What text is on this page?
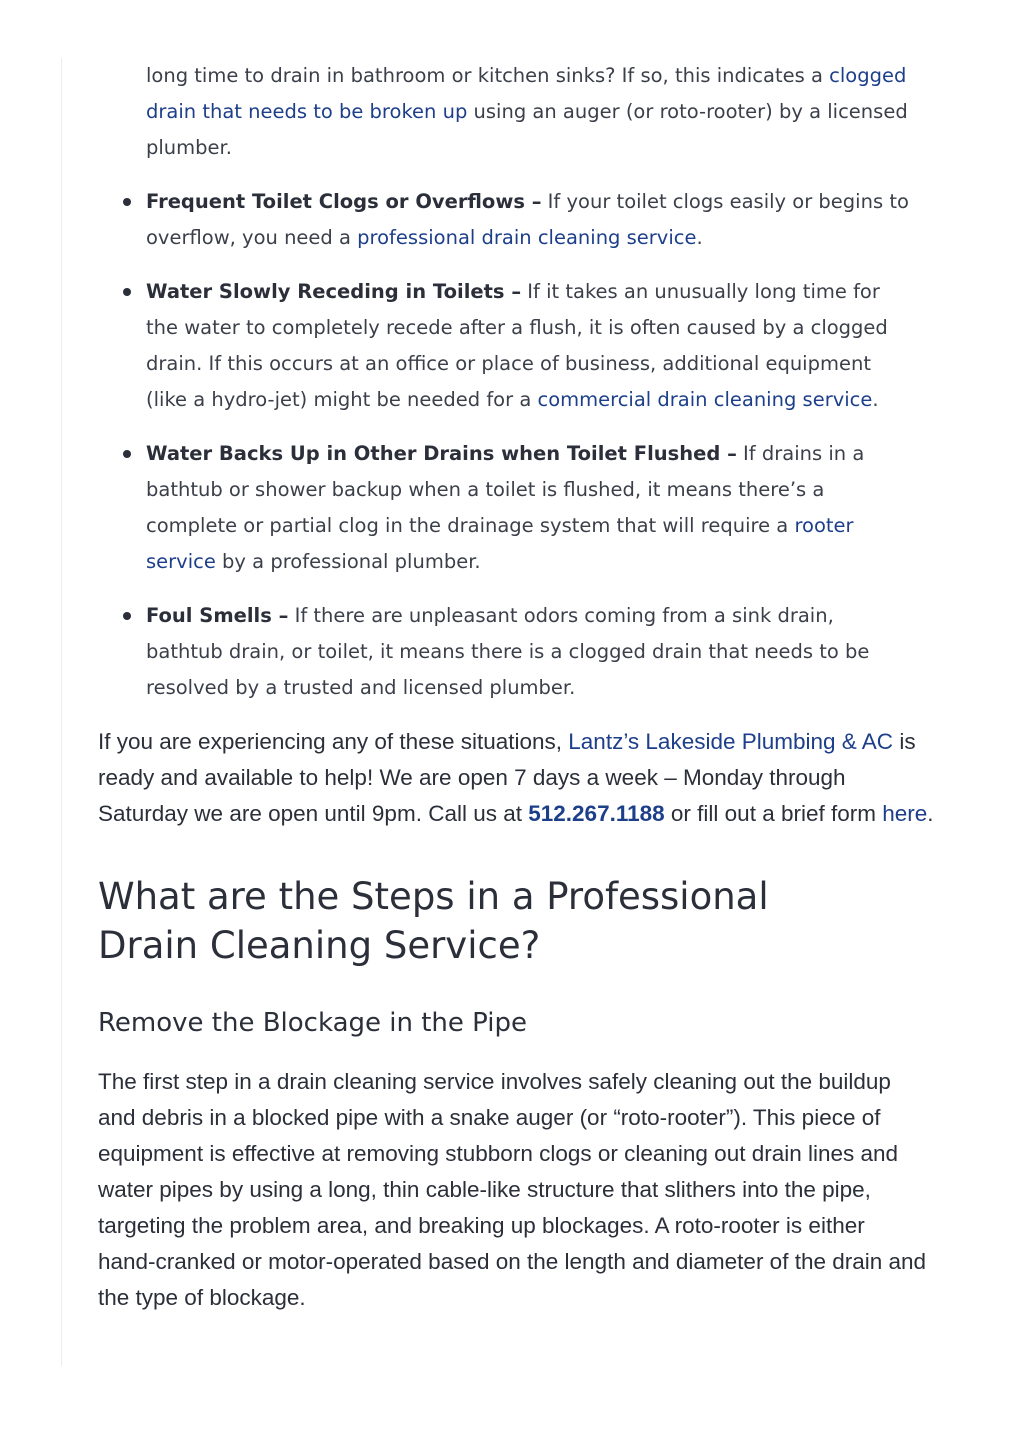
long time to drain in bathroom or kitchen sinks? If so, this indicates a clogged drain that needs to be broken up using an auger (or roto-rooter) by a licensed plumber.
Frequent Toilet Clogs or Overflows – If your toilet clogs easily or begins to overflow, you need a professional drain cleaning service.
Water Slowly Receding in Toilets – If it takes an unusually long time for the water to completely recede after a flush, it is often caused by a clogged drain. If this occurs at an office or place of business, additional equipment (like a hydro-jet) might be needed for a commercial drain cleaning service.
Water Backs Up in Other Drains when Toilet Flushed – If drains in a bathtub or shower backup when a toilet is flushed, it means there’s a complete or partial clog in the drainage system that will require a rooter service by a professional plumber.
Foul Smells – If there are unpleasant odors coming from a sink drain, bathtub drain, or toilet, it means there is a clogged drain that needs to be resolved by a trusted and licensed plumber.

If you are experiencing any of these situations, Lantz’s Lakeside Plumbing & AC is ready and available to help! We are open 7 days a week – Monday through Saturday we are open until 9pm. Call us at 512.267.1188 or fill out a brief form here.

What are the Steps in a Professional Drain Cleaning Service?
Remove the Blockage in the Pipe

The first step in a drain cleaning service involves safely cleaning out the buildup and debris in a blocked pipe with a snake auger (or “roto-rooter”). This piece of equipment is effective at removing stubborn clogs or cleaning out drain lines and water pipes by using a long, thin cable-like structure that slithers into the pipe, targeting the problem area, and breaking up blockages. A roto-rooter is either hand-cranked or motor-operated based on the length and diameter of the drain and the type of blockage.
